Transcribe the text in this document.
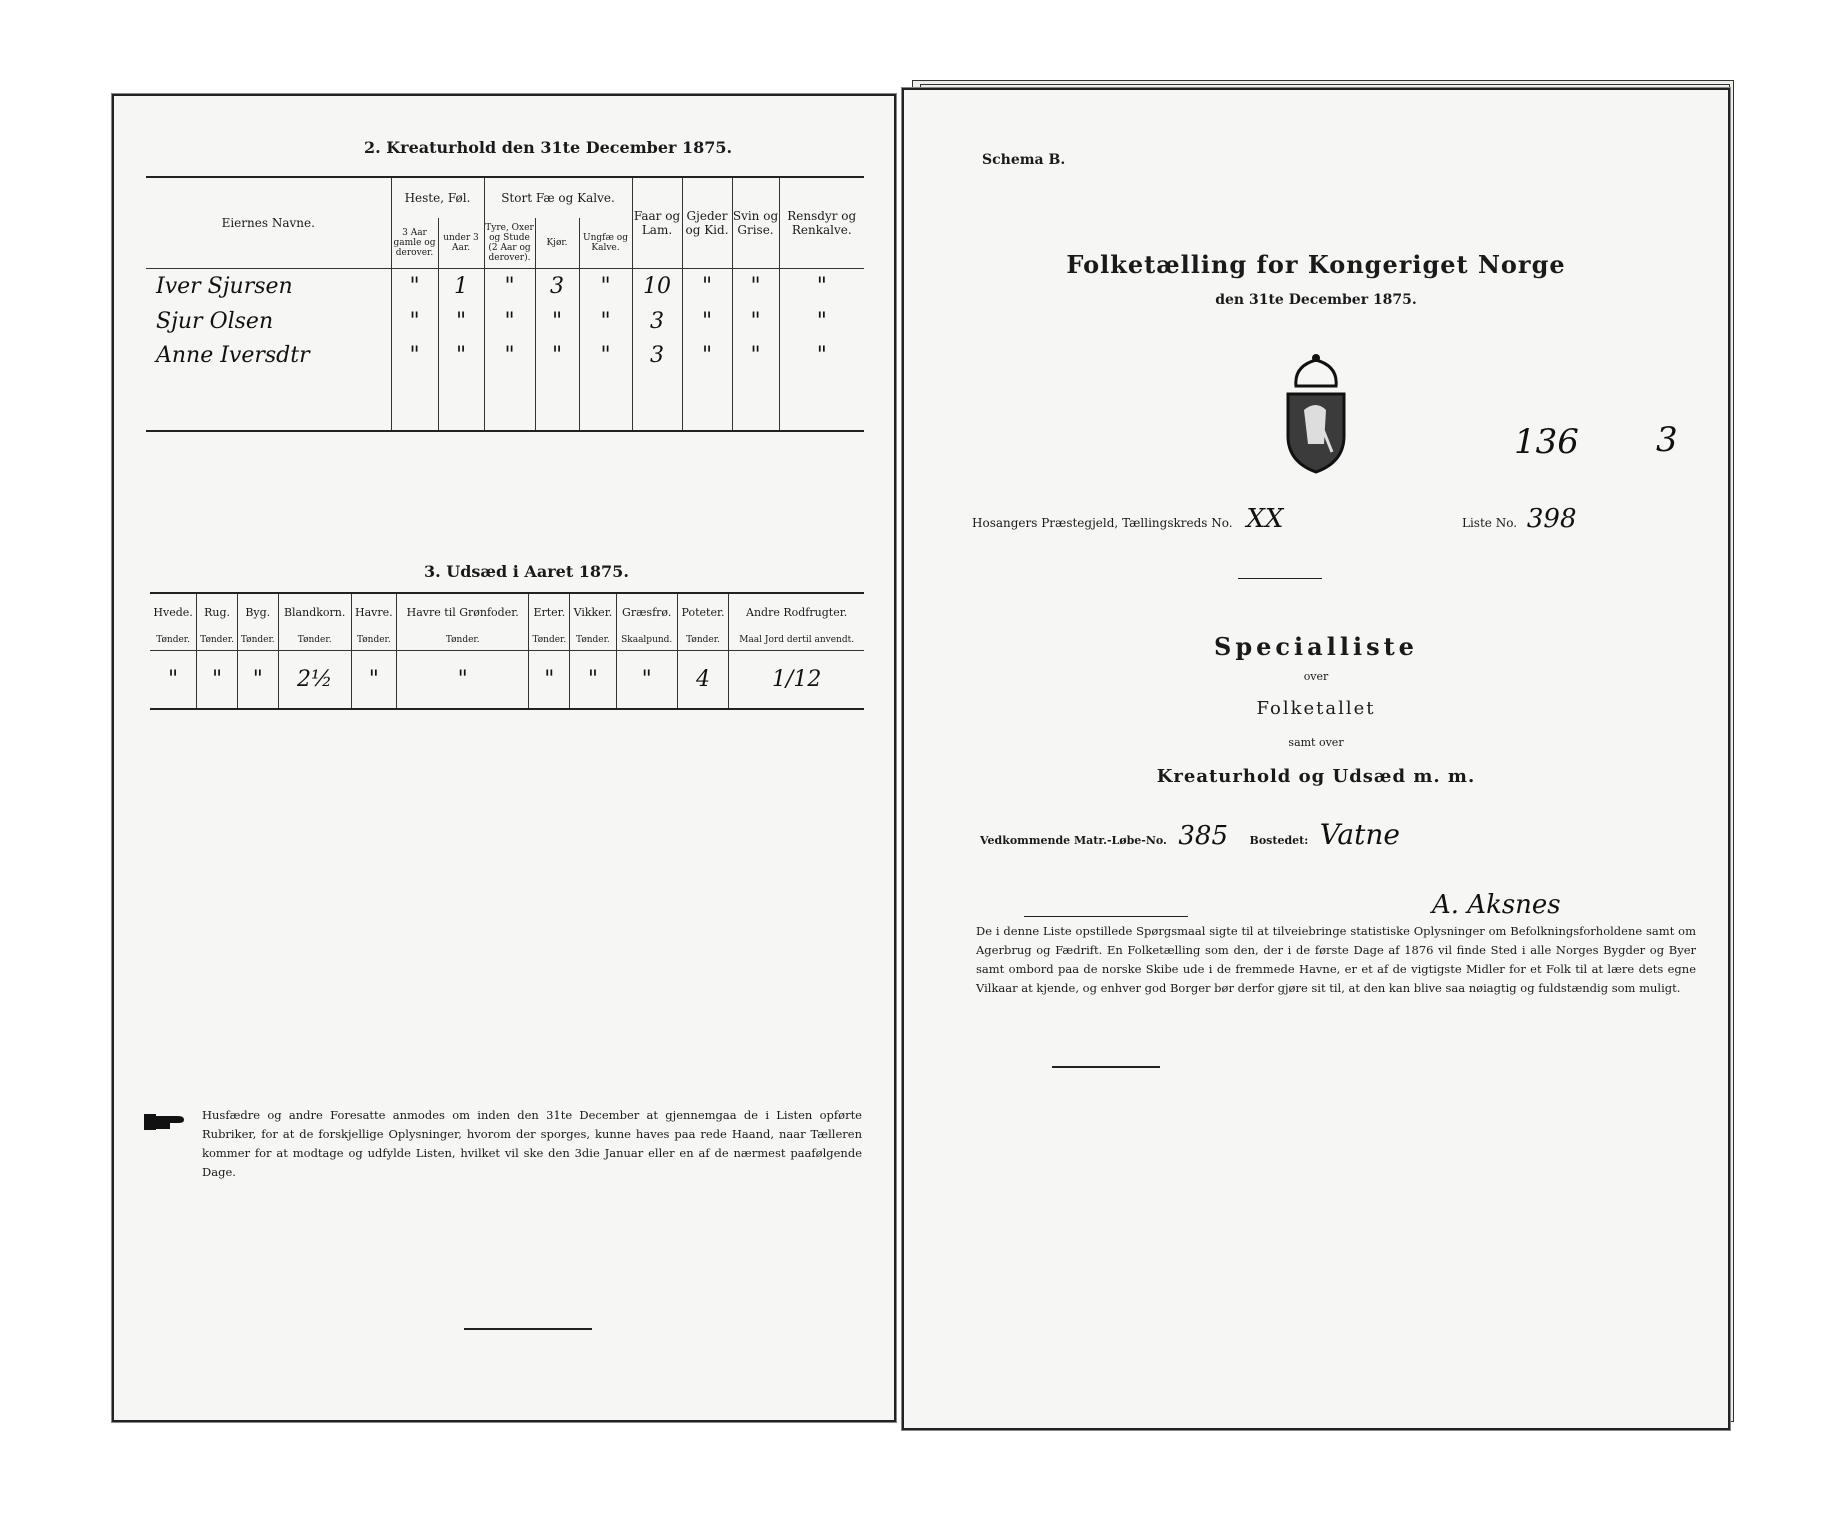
2. Kreaturhold den 31te December 1875.
Eiernes Navne.	Heste, Føl.		Stort Fæ og Kalve.			Faar og Lam.	Gjeder og Kid.	Svin og Grise.	Rensdyr og Renkalve.
	3 Aar gamle og derover.	under 3 Aar.	Tyre, Oxer og Stude (2 Aar og derover).	Kjør.	Ungfæ og Kalve.				
Iver Sjursen	"	1	"	3	"	10	"	"	"
Sjur Olsen	"	"	"	"	"	3	"	"	"
Anne Iversdtr	"	"	"	"	"	3	"	"	"

3. Udsæd i Aaret 1875.
Hvede.	Rug.	Byg.	Blandkorn.	Havre.	Havre til Grønfoder.	Erter.	Vikker.	Græsfrø.	Poteter.	Andre Rodfrugter.
Tønder.	Tønder.	Tønder.	Tønder.	Tønder.	Tønder.	Tønder.	Tønder.	Skaalpund.	Tønder.	Maal Jord dertil anvendt.
"	"	"	2½	"	"	"	"	"	4	1/12
Husfædre og andre Foresatte anmodes om inden den 31te December at gjennemgaa de i Listen opførte Rubriker, for at de forskjellige Oplysninger, hvorom der sporges, kunne haves paa rede Haand, naar Tælleren kommer for at modtage og udfylde Listen, hvilket vil ske den 3die Januar eller en af de nærmest paafølgende Dage.
Schema B.
Folketælling for Kongeriget Norge
den 31te December 1875.
136 3
Hosangers Præstegjeld, Tællingskreds No. XX	Liste No. 398
Specialliste
over
Folketallet
samt over
Kreaturhold og Udsæd m. m.
Vedkommende Matr.-Løbe-No. 385 Bostedet: Vatne
A. Aksnes
De i denne Liste opstillede Spørgsmaal sigte til at tilveiebringe statistiske Oplysninger om Befolkningsforholdene samt om Agerbrug og Fædrift. En Folketælling som den, der i de første Dage af 1876 vil finde Sted i alle Norges Bygder og Byer samt ombord paa de norske Skibe ude i de fremmede Havne, er et af de vigtigste Midler for et Folk til at lære dets egne Vilkaar at kjende, og enhver god Borger bør derfor gjøre sit til, at den kan blive saa nøiagtig og fuldstændig som muligt.
